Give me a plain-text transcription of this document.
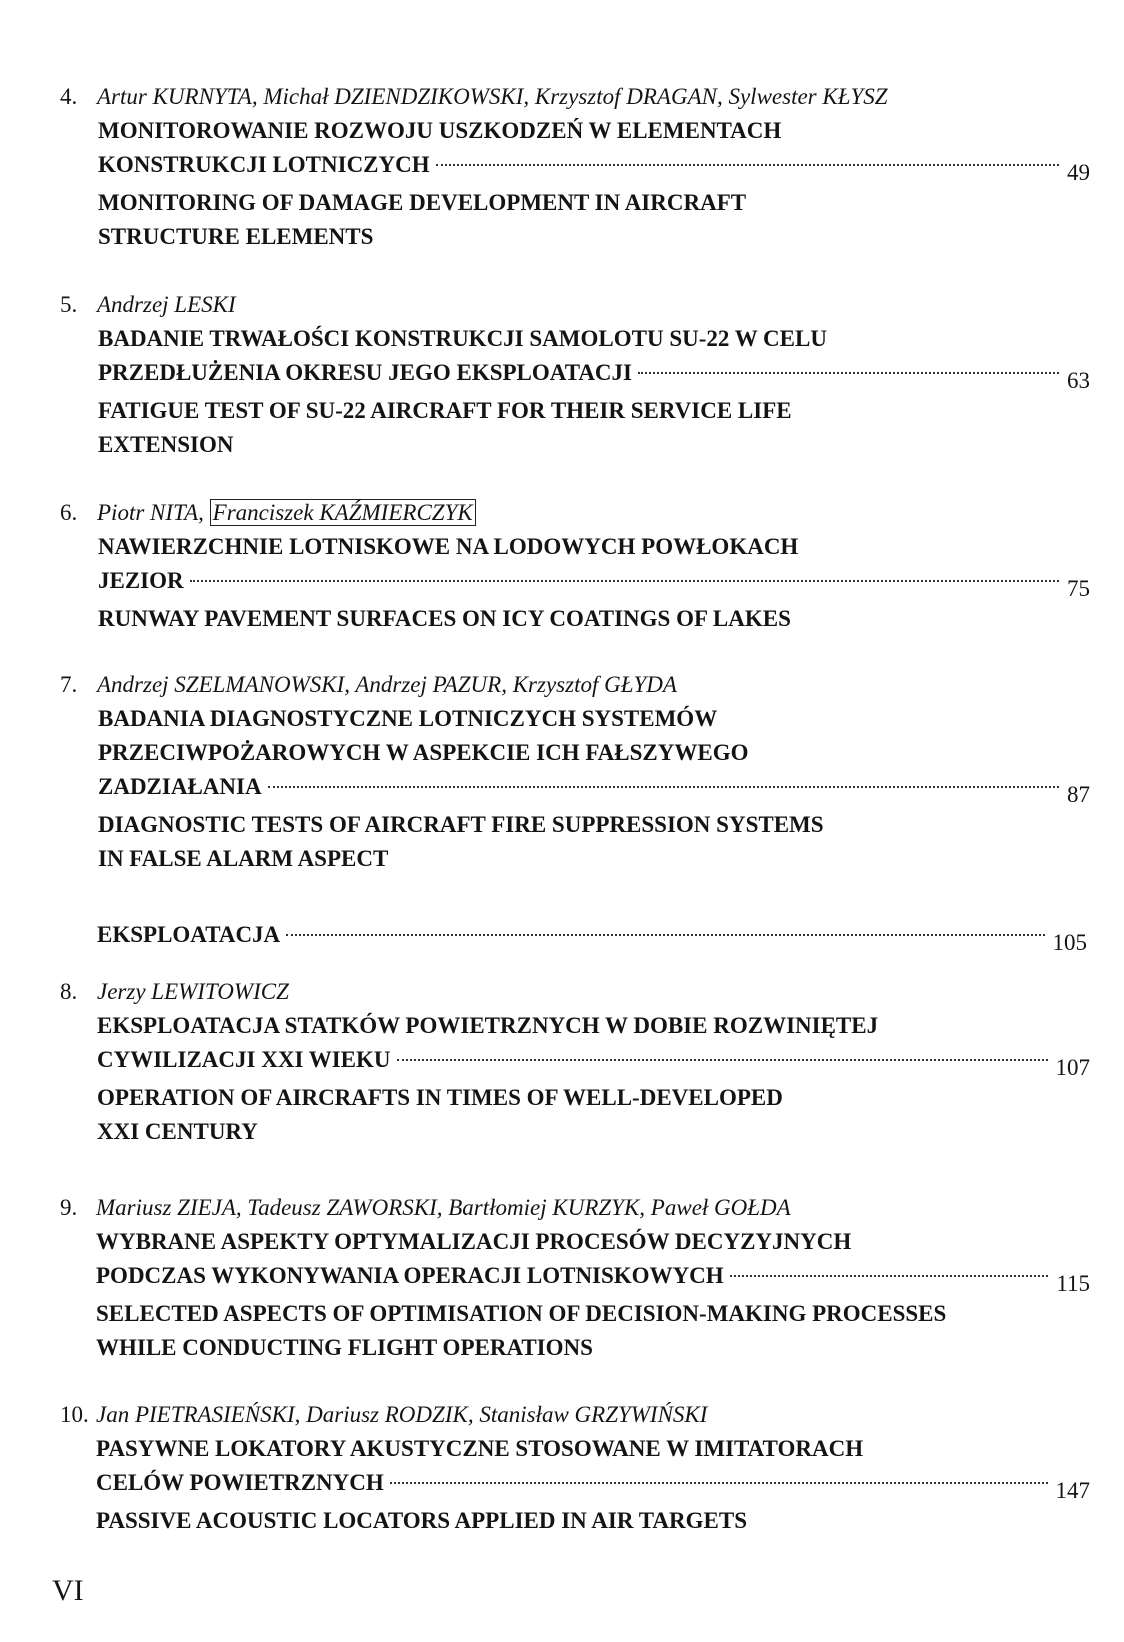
4. Artur KURNYTA, Michał DZIENDZIKOWSKI, Krzysztof DRAGAN, Sylwester KŁYSZ
MONITOROWANIE ROZWOJU USZKODZEŃ W ELEMENTACH
KONSTRUKCJI LOTNICZYCH	49
MONITORING OF DAMAGE DEVELOPMENT IN AIRCRAFT
STRUCTURE ELEMENTS
5. Andrzej LESKI
BADANIE TRWAŁOŚCI KONSTRUKCJI SAMOLOTU SU-22 W CELU
PRZEDŁUŻENIA OKRESU JEGO EKSPLOATACJI	63
FATIGUE TEST OF SU-22 AIRCRAFT FOR THEIR SERVICE LIFE
EXTENSION
6. Piotr NITA, Franciszek KAŹMIERCZYK
NAWIERZCHNIE LOTNISKOWE NA LODOWYCH POWŁOKACH
JEZIOR	75
RUNWAY PAVEMENT SURFACES ON ICY COATINGS OF LAKES
7. Andrzej SZELMANOWSKI, Andrzej PAZUR, Krzysztof GŁYDA
BADANIA DIAGNOSTYCZNE LOTNICZYCH SYSTEMÓW
PRZECIWPOŻAROWYCH W ASPEKCIE ICH FAŁSZYWEGO
ZADZIAŁANIA	87
DIAGNOSTIC TESTS OF AIRCRAFT FIRE SUPPRESSION SYSTEMS
IN FALSE ALARM ASPECT
EKSPLOATACJA	105
8. Jerzy LEWITOWICZ
EKSPLOATACJA STATKÓW POWIETRZNYCH W DOBIE ROZWINIĘTEJ
CYWILIZACJI XXI WIEKU	107
OPERATION OF AIRCRAFTS IN TIMES OF WELL-DEVELOPED
XXI CENTURY
9. Mariusz ZIEJA, Tadeusz ZAWORSKI, Bartłomiej KURZYK, Paweł GOŁDA
WYBRANE ASPEKTY OPTYMALIZACJI PROCESÓW DECYZYJNYCH
PODCZAS WYKONYWANIA OPERACJI LOTNISKOWYCH	115
SELECTED ASPECTS OF OPTIMISATION OF DECISION-MAKING PROCESSES
WHILE CONDUCTING FLIGHT OPERATIONS
10. Jan PIETRASIEŃSKI, Dariusz RODZIK, Stanisław GRZYWIŃSKI
PASYWNE LOKATORY AKUSTYCZNE STOSOWANE W IMITATORACH
CELÓW POWIETRZNYCH	147
PASSIVE ACOUSTIC LOCATORS APPLIED IN AIR TARGETS
VI
